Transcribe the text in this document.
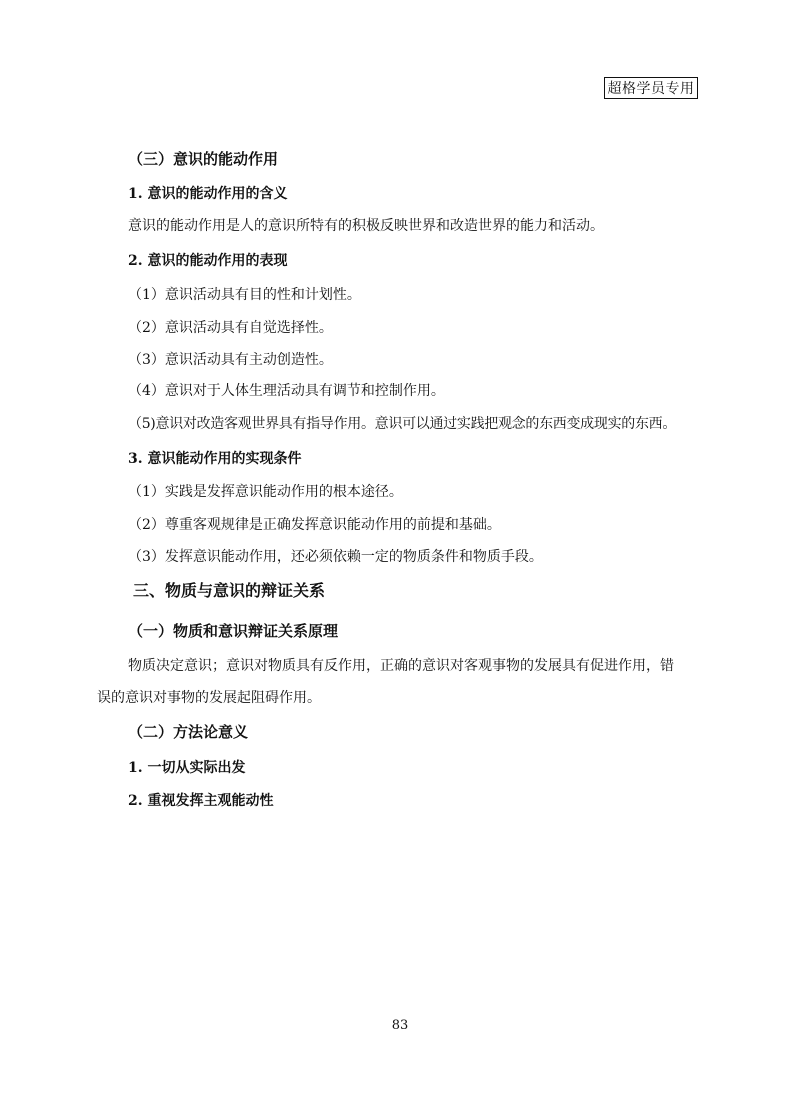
超格学员专用
（三）意识的能动作用
1. 意识的能动作用的含义
意识的能动作用是人的意识所特有的积极反映世界和改造世界的能力和活动。
2. 意识的能动作用的表现
（1）意识活动具有目的性和计划性。
（2）意识活动具有自觉选择性。
（3）意识活动具有主动创造性。
（4）意识对于人体生理活动具有调节和控制作用。
（5)意识对改造客观世界具有指导作用。意识可以通过实践把观念的东西变成现实的东西。
3. 意识能动作用的实现条件
（1）实践是发挥意识能动作用的根本途径。
（2）尊重客观规律是正确发挥意识能动作用的前提和基础。
（3）发挥意识能动作用，还必须依赖一定的物质条件和物质手段。
三、物质与意识的辩证关系
（一）物质和意识辩证关系原理
物质决定意识；意识对物质具有反作用，正确的意识对客观事物的发展具有促进作用，错
误的意识对事物的发展起阻碍作用。
（二）方法论意义
1. 一切从实际出发
2. 重视发挥主观能动性
83
